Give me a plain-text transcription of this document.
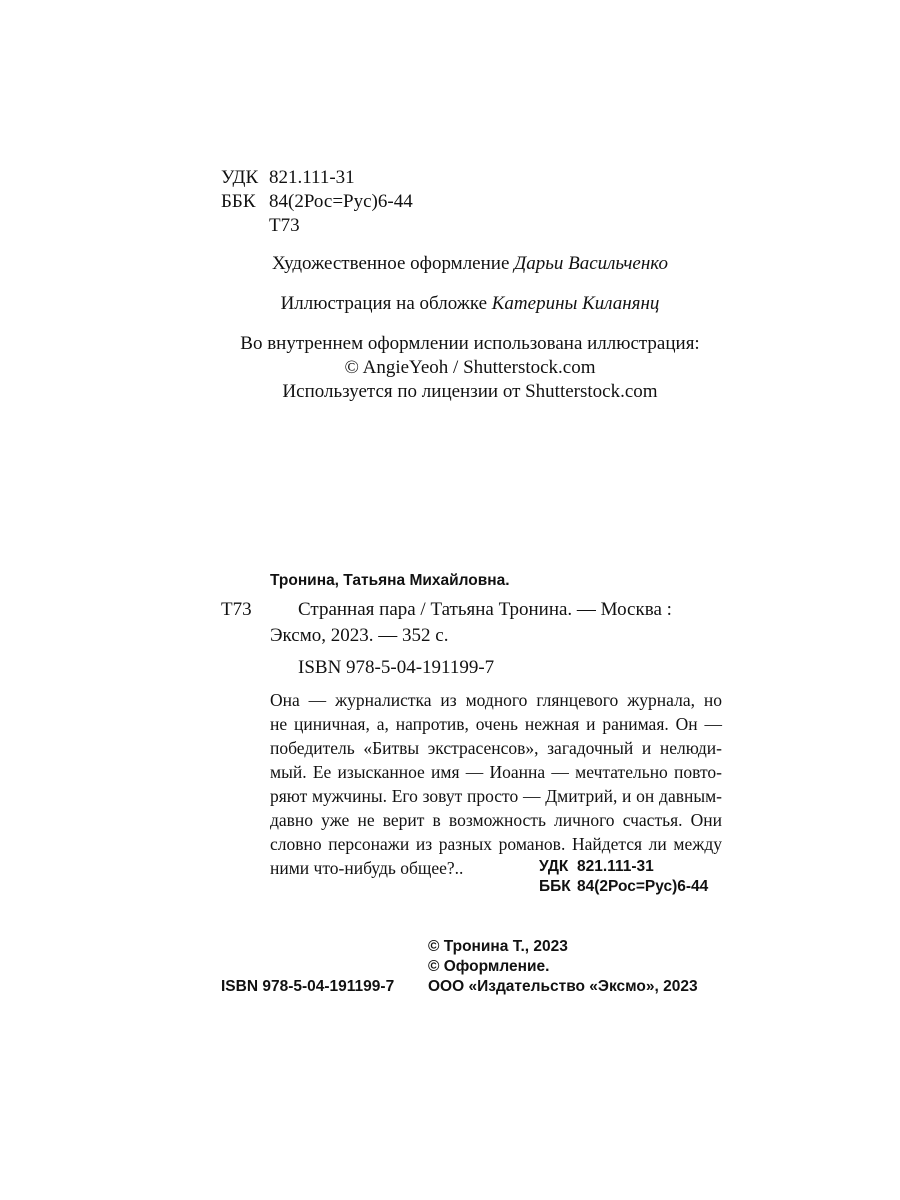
УДК 821.111-31
ББК 84(2Рос=Рус)6-44
Т73
Художественное оформление Дарьи Васильченко
Иллюстрация на обложке Катерины Киланянц
Во внутреннем оформлении использована иллюстрация:
© AngieYeoh / Shutterstock.com
Используется по лицензии от Shutterstock.com
Тронина, Татьяна Михайловна.
Т73 Странная пара / Татьяна Тронина. — Москва :
Эксмо, 2023. — 352 с.
ISBN 978-5-04-191199-7
Она — журналистка из модного глянцевого журнала, но
не циничная, а, напротив, очень нежная и ранимая. Он —
победитель «Битвы экстрасенсов», загадочный и нелюди-
мый. Ее изысканное имя — Иоанна — мечтательно повто-
ряют мужчины. Его зовут просто — Дмитрий, и он давным-
давно уже не верит в возможность личного счастья. Они
словно персонажи из разных романов. Найдется ли между
ними что-нибудь общее?..	УДК 821.111-31
ББК 84(2Рос=Рус)6-44
© Тронина Т., 2023
© Оформление.
ООО «Издательство «Эксмо», 2023
ISBN 978-5-04-191199-7
